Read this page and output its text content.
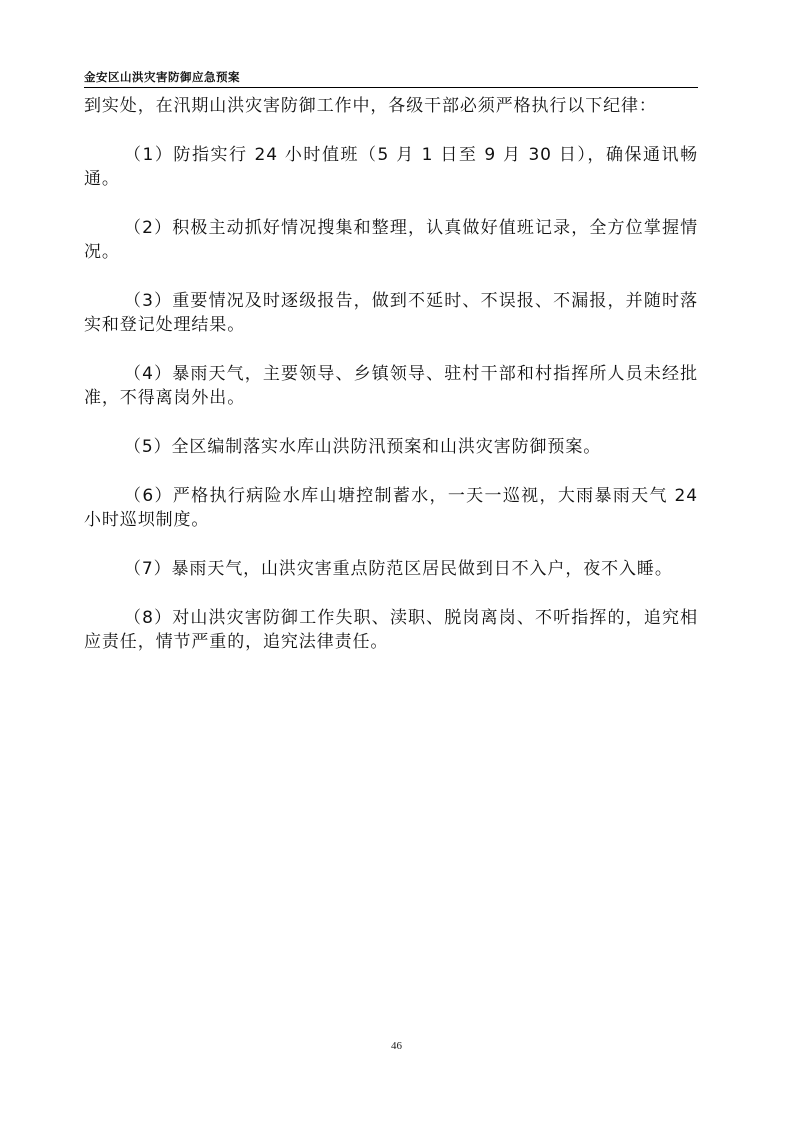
金安区山洪灾害防御应急预案

到实处，在汛期山洪灾害防御工作中，各级干部必须严格执行以下纪律：

（1）防指实行 24 小时值班（5 月 1 日至 9 月 30 日），确保通讯畅通。

（2）积极主动抓好情况搜集和整理，认真做好值班记录，全方位掌握情况。

（3）重要情况及时逐级报告，做到不延时、不误报、不漏报，并随时落实和登记处理结果。

（4）暴雨天气，主要领导、乡镇领导、驻村干部和村指挥所人员未经批准，不得离岗外出。

（5）全区编制落实水库山洪防汛预案和山洪灾害防御预案。

（6）严格执行病险水库山塘控制蓄水，一天一巡视，大雨暴雨天气 24 小时巡坝制度。

（7）暴雨天气，山洪灾害重点防范区居民做到日不入户，夜不入睡。

（8）对山洪灾害防御工作失职、渎职、脱岗离岗、不听指挥的，追究相应责任，情节严重的，追究法律责任。

46
